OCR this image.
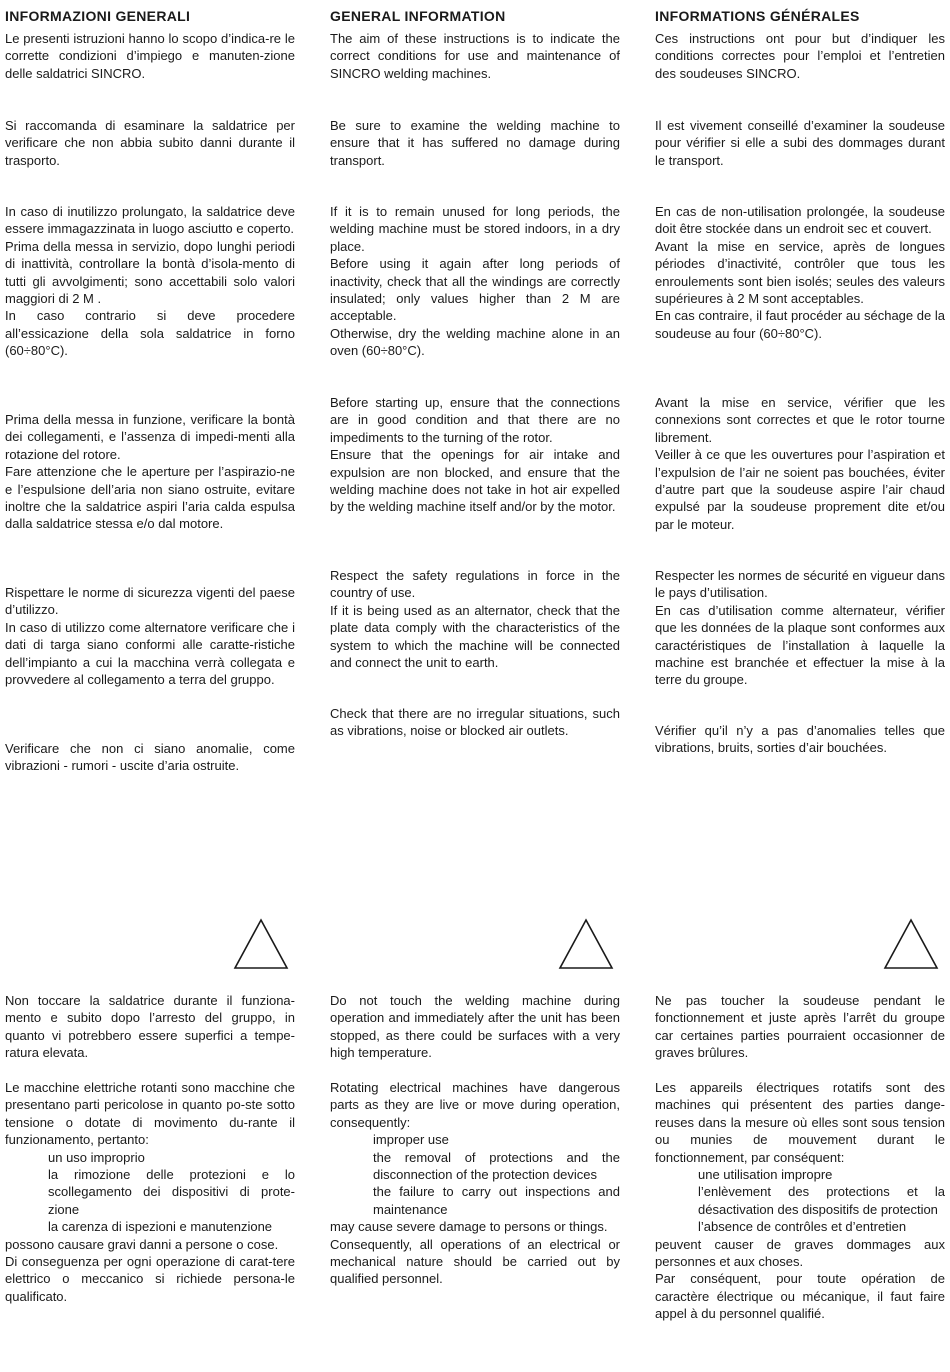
INFORMAZIONI GENERALI
Le presenti istruzioni hanno lo scopo d’indica-re le corrette condizioni d’impiego e manuten-zione delle saldatrici SINCRO.
Si raccomanda di esaminare la saldatrice per verificare che non abbia subito danni durante il trasporto.
In caso di inutilizzo prolungato, la saldatrice deve essere immagazzinata in luogo asciutto e coperto.
Prima della messa in servizio, dopo lunghi periodi di inattività, controllare la bontà d’isola-mento di tutti gli avvolgimenti; sono accettabili solo valori maggiori di 2 M .
In caso contrario si deve procedere all’essicazione della sola saldatrice in forno (60÷80°C).
Prima della messa in funzione, verificare la bontà dei collegamenti, e l’assenza di impedi-menti alla rotazione del rotore.
Fare attenzione che le aperture per l’aspirazio-ne e l’espulsione dell’aria non siano ostruite, evitare inoltre che la saldatrice aspiri l’aria calda espulsa dalla saldatrice stessa e/o dal motore.
Rispettare le norme di sicurezza vigenti del paese d’utilizzo.
In caso di utilizzo come alternatore verificare che i dati di targa siano conformi alle caratte-ristiche dell’impianto a cui la macchina verrà collegata e provvedere al collegamento a terra del gruppo.
Verificare che non ci siano anomalie, come vibrazioni - rumori - uscite d’aria ostruite.
Non toccare la saldatrice durante il funziona-mento e subito dopo l’arresto del gruppo, in quanto vi potrebbero essere superfici a tempe-ratura elevata.
Le macchine elettriche rotanti sono macchine che presentano parti pericolose in quanto po-ste sotto tensione o dotate di movimento du-rante il funzionamento, pertanto:
un uso improprio
la rimozione delle protezioni e lo scollegamento dei dispositivi di prote-zione
la carenza di ispezioni e manutenzione
possono causare gravi danni a persone o cose.
Di conseguenza per ogni operazione di carat-tere elettrico o meccanico si richiede persona-le qualificato.
GENERAL INFORMATION
The aim of these instructions is to indicate the correct conditions for use and maintenance of SINCRO welding machines.
Be sure to examine the welding machine to ensure that it has suffered no damage during transport.
If it is to remain unused for long periods, the welding machine must be stored indoors, in a dry place.
Before using it again after long periods of inactivity, check that all the windings are correctly insulated; only values higher than 2 M are acceptable.
Otherwise, dry the welding machine alone in an oven (60÷80°C).
Before starting up, ensure that the connections are in good condition and that there are no impediments to the turning of the rotor.
Ensure that the openings for air intake and expulsion are non blocked, and ensure that the welding machine does not take in hot air expelled by the welding machine itself and/or by the motor.
Respect the safety regulations in force in the country of use.
If it is being used as an alternator, check that the plate data comply with the characteristics of the system to which the machine will be connected and connect the unit to earth.
Check that there are no irregular situations, such as vibrations, noise or blocked air outlets.
Do not touch the welding machine during operation and immediately after the unit has been stopped, as there could be surfaces with a very high temperature.
Rotating electrical machines have dangerous parts as they are live or move during operation, consequently:
improper use
the removal of protections and the disconnection of the protection devices
the failure to carry out inspections and maintenance
may cause severe damage to persons or things.
Consequently, all operations of an electrical or mechanical nature should be carried out by qualified personnel.
INFORMATIONS GÉNÉRALES
Ces instructions ont pour but d’indiquer les conditions correctes pour l’emploi et l’entretien des soudeuses SINCRO.
Il est vivement conseillé d’examiner la soudeuse pour vérifier si elle a subi des dommages durant le transport.
En cas de non-utilisation prolongée, la soudeuse doit être stockée dans un endroit sec et couvert.
Avant la mise en service, après de longues périodes d’inactivité, contrôler que tous les enroulements sont bien isolés; seules des valeurs supérieures à 2 M sont acceptables.
En cas contraire, il faut procéder au séchage de la soudeuse au four (60÷80°C).
Avant la mise en service, vérifier que les connexions sont correctes et que le rotor tourne librement.
Veiller à ce que les ouvertures pour l’aspiration et l’expulsion de l’air ne soient pas bouchées, éviter d’autre part que la soudeuse aspire l’air chaud expulsé par la soudeuse proprement dite et/ou par le moteur.
Respecter les normes de sécurité en vigueur dans le pays d’utilisation.
En cas d’utilisation comme alternateur, vérifier que les données de la plaque sont conformes aux caractéristiques de l’installation à laquelle la machine est branchée et effectuer la mise à la terre du groupe.
Vérifier qu’il n’y a pas d’anomalies telles que vibrations, bruits, sorties d’air bouchées.
Ne pas toucher la soudeuse pendant le fonctionnement et juste après l’arrêt du groupe car certaines parties pourraient occasionner de graves brûlures.
Les appareils électriques rotatifs sont des machines qui présentent des parties dange-reuses dans la mesure où elles sont sous tension ou munies de mouvement durant le fonctionnement, par conséquent:
une utilisation impropre
l’enlèvement des protections et la désactivation des dispositifs de protection
l’absence de contrôles et d’entretien
peuvent causer de graves dommages aux personnes et aux choses.
Par conséquent, pour toute opération de caractère électrique ou mécanique, il faut faire appel à du personnel qualifié.
